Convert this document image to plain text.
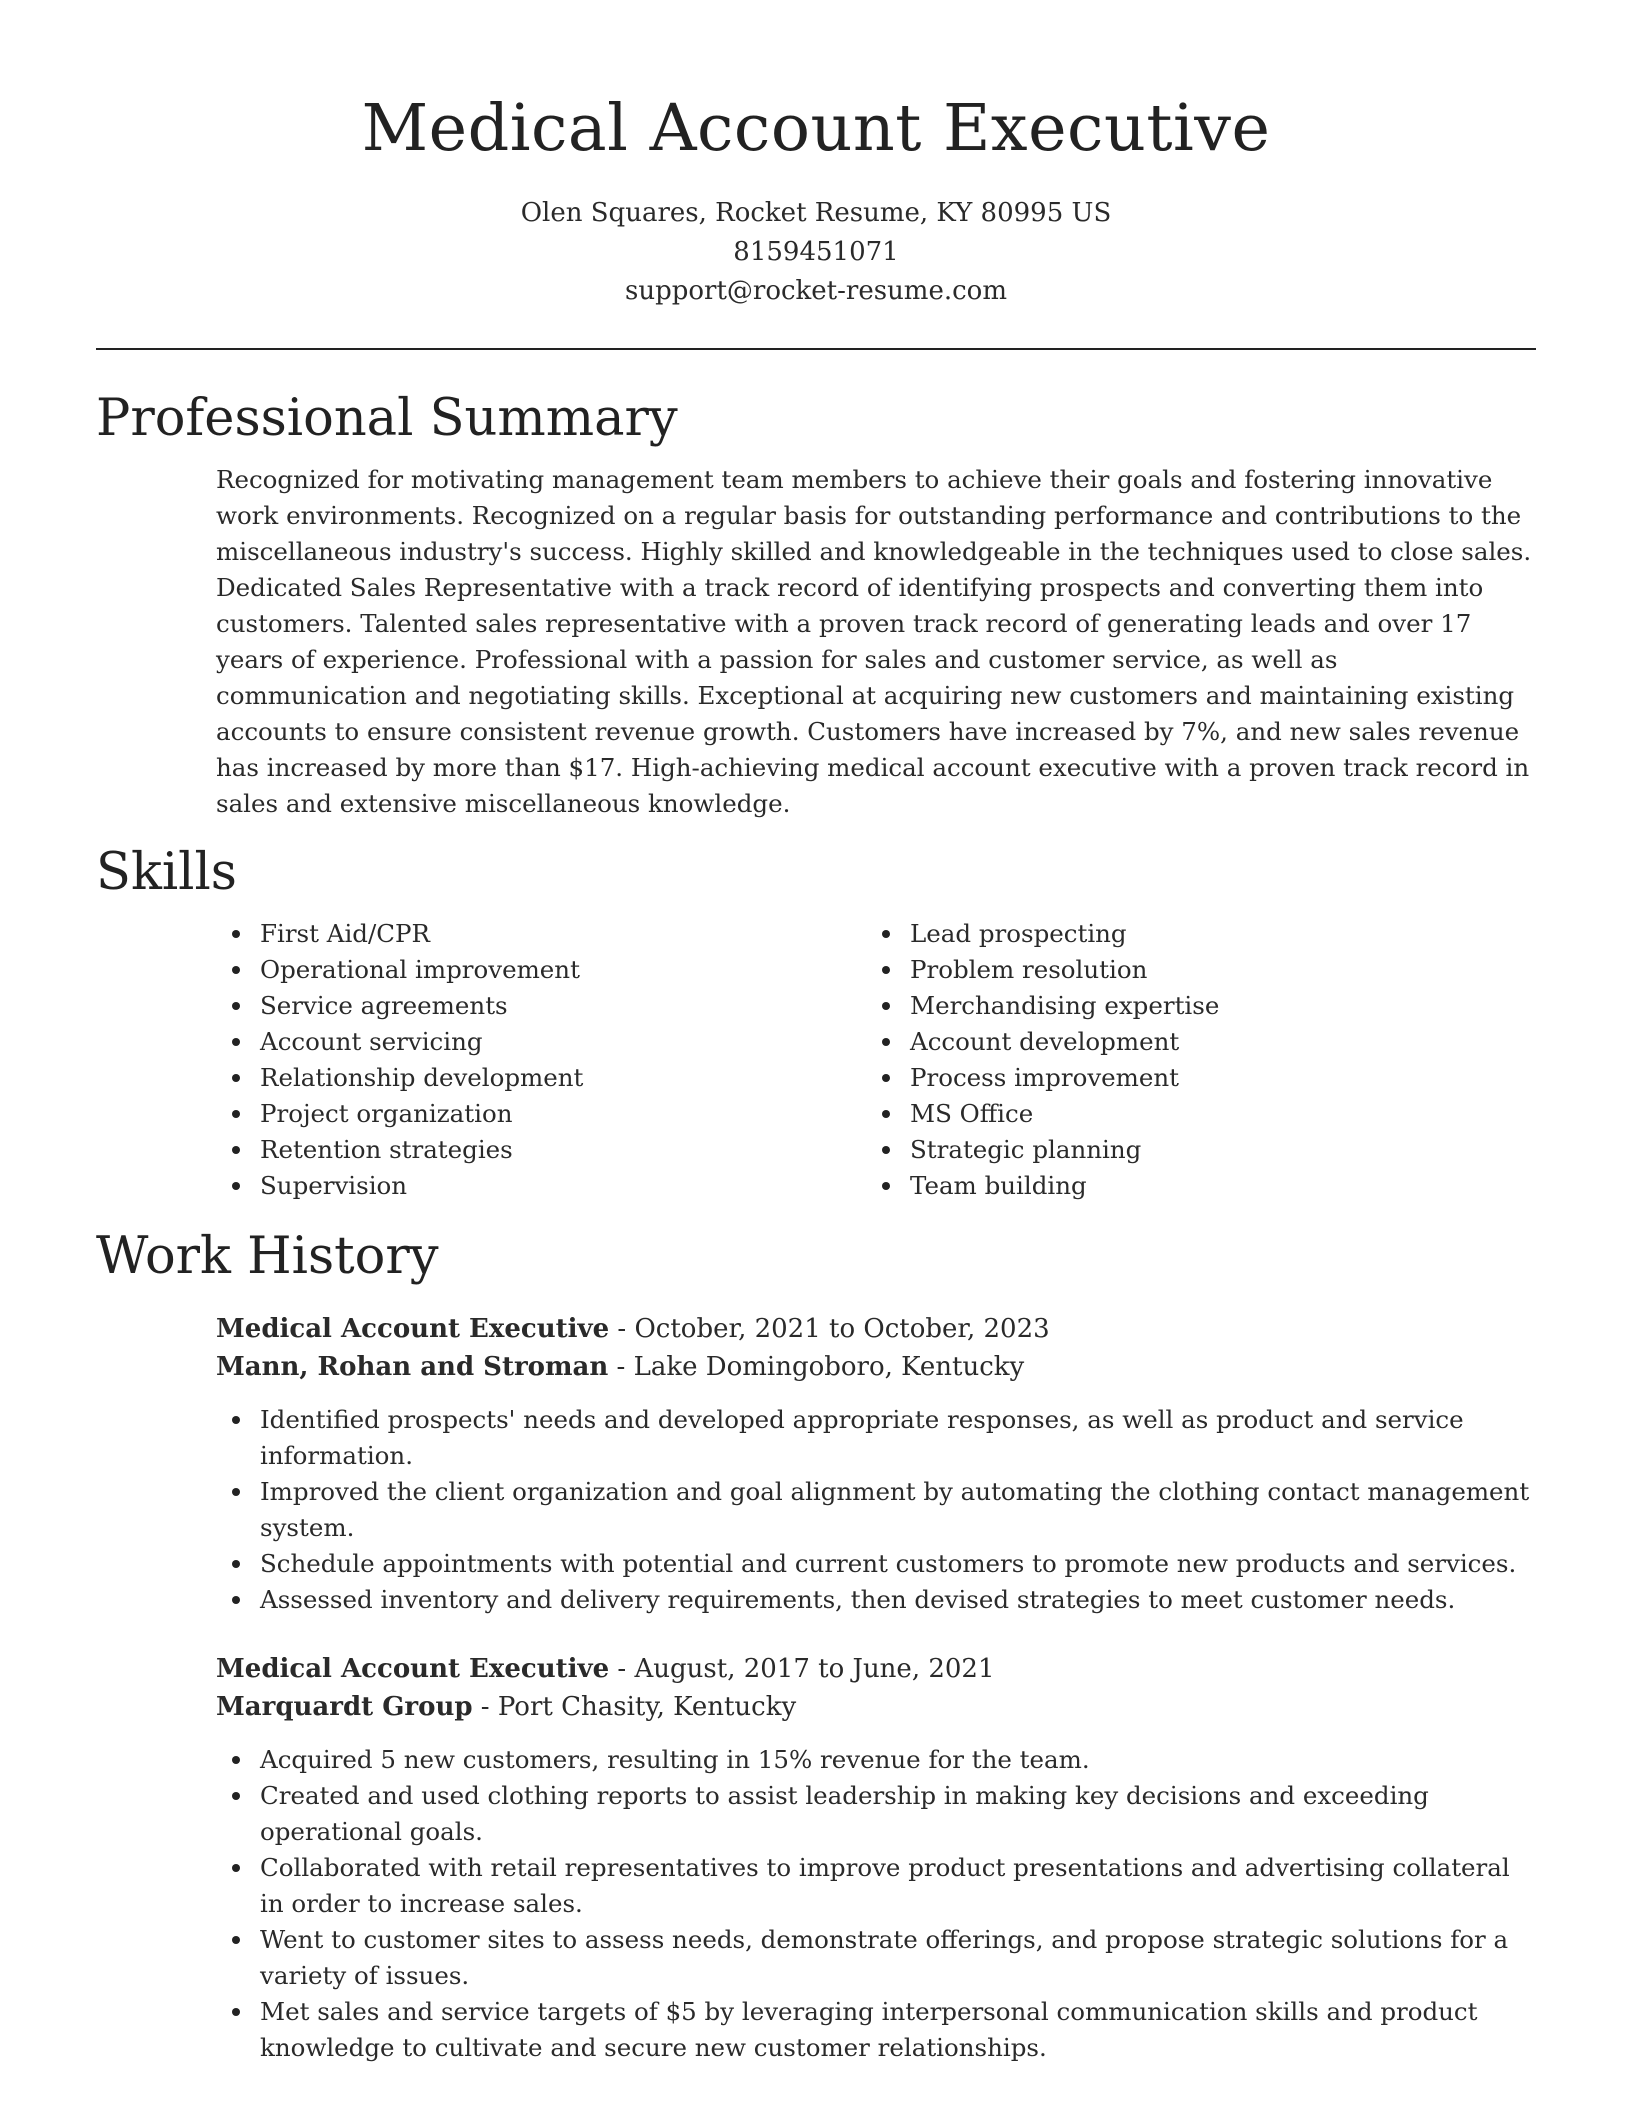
Medical Account Executive
Olen Squares, Rocket Resume, KY 80995 US
8159451071
support@rocket-resume.com
Professional Summary
Recognized for motivating management team members to achieve their goals and fostering innovative work environments. Recognized on a regular basis for outstanding performance and contributions to the miscellaneous industry's success. Highly skilled and knowledgeable in the techniques used to close sales. Dedicated Sales Representative with a track record of identifying prospects and converting them into customers. Talented sales representative with a proven track record of generating leads and over 17 years of experience. Professional with a passion for sales and customer service, as well as communication and negotiating skills. Exceptional at acquiring new customers and maintaining existing accounts to ensure consistent revenue growth. Customers have increased by 7%, and new sales revenue has increased by more than $17. High-achieving medical account executive with a proven track record in sales and extensive miscellaneous knowledge.
Skills
First Aid/CPR
Operational improvement
Service agreements
Account servicing
Relationship development
Project organization
Retention strategies
Supervision
Lead prospecting
Problem resolution
Merchandising expertise
Account development
Process improvement
MS Office
Strategic planning
Team building
Work History
Medical Account Executive - October, 2021 to October, 2023
Mann, Rohan and Stroman - Lake Domingoboro, Kentucky
Identified prospects' needs and developed appropriate responses, as well as product and service information.
Improved the client organization and goal alignment by automating the clothing contact management system.
Schedule appointments with potential and current customers to promote new products and services.
Assessed inventory and delivery requirements, then devised strategies to meet customer needs.
Medical Account Executive - August, 2017 to June, 2021
Marquardt Group - Port Chasity, Kentucky
Acquired 5 new customers, resulting in 15% revenue for the team.
Created and used clothing reports to assist leadership in making key decisions and exceeding operational goals.
Collaborated with retail representatives to improve product presentations and advertising collateral in order to increase sales.
Went to customer sites to assess needs, demonstrate offerings, and propose strategic solutions for a variety of issues.
Met sales and service targets of $5 by leveraging interpersonal communication skills and product knowledge to cultivate and secure new customer relationships.
